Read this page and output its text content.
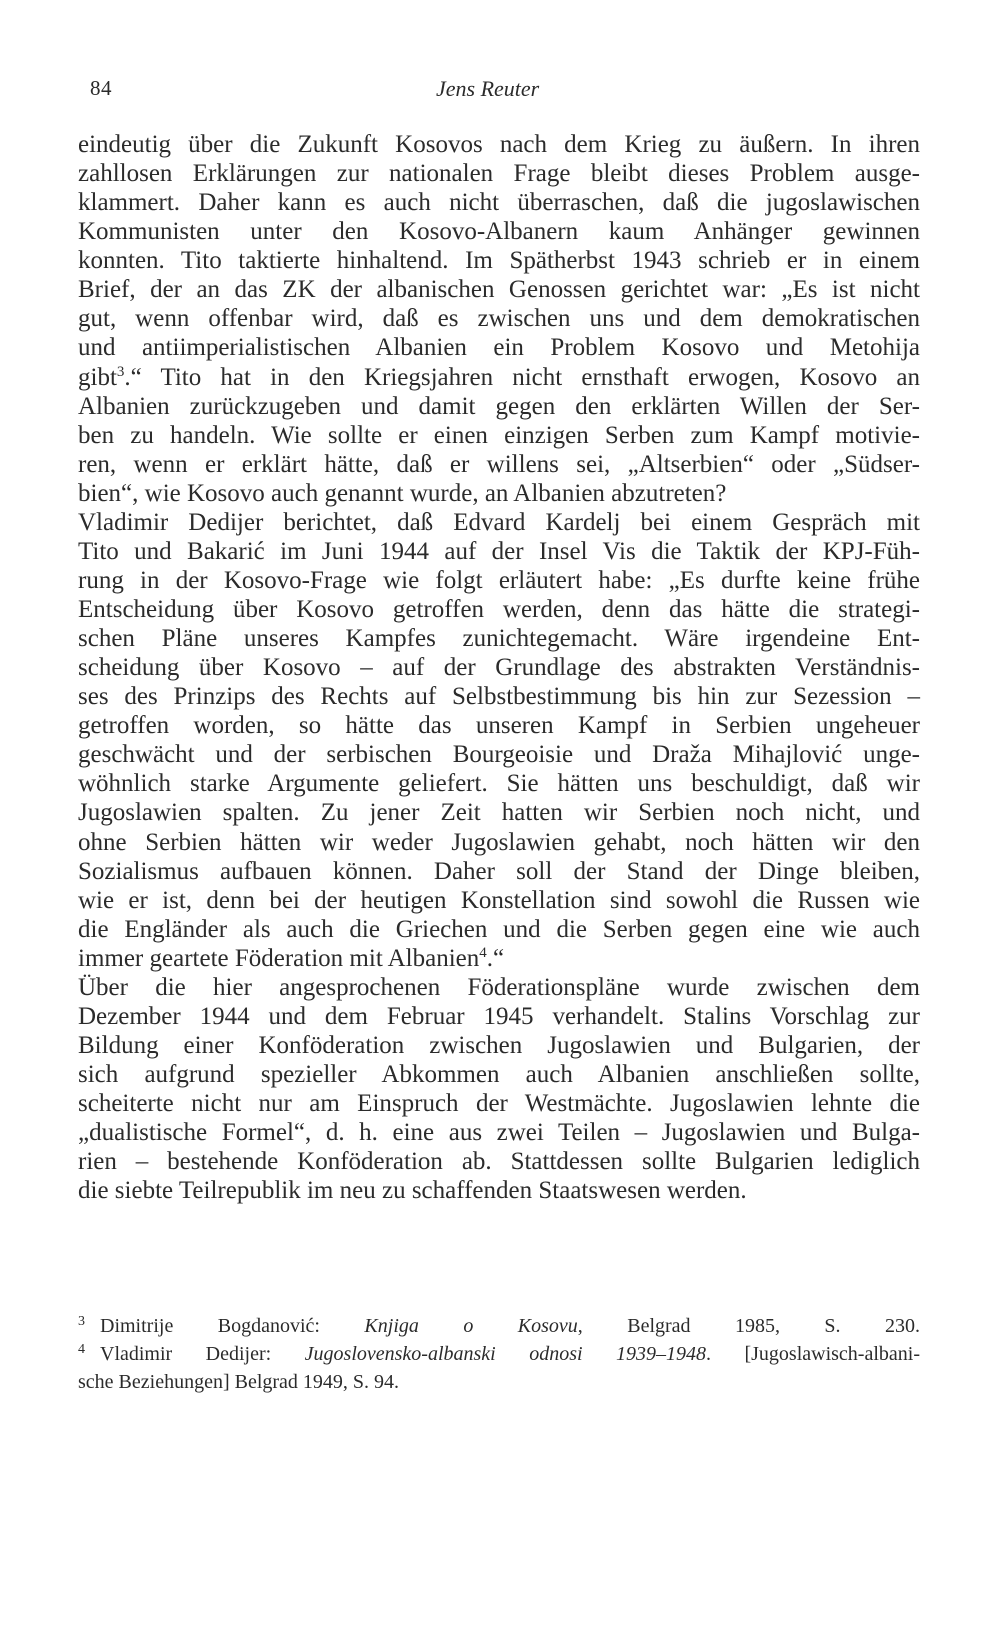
84	Jens Reuter
eindeutig über die Zukunft Kosovos nach dem Krieg zu äußern. In ihren
zahllosen Erklärungen zur nationalen Frage bleibt dieses Problem ausge-
klammert. Daher kann es auch nicht überraschen, daß die jugoslawischen
Kommunisten unter den Kosovo-Albanern kaum Anhänger gewinnen
konnten. Tito taktierte hinhaltend. Im Spätherbst 1943 schrieb er in einem
Brief, der an das ZK der albanischen Genossen gerichtet war: „Es ist nicht
gut, wenn offenbar wird, daß es zwischen uns und dem demokratischen
und antiimperialistischen Albanien ein Problem Kosovo und Metohija
gibt$^3$.“ Tito hat in den Kriegsjahren nicht ernsthaft erwogen, Kosovo an
Albanien zurückzugeben und damit gegen den erklärten Willen der Ser-
ben zu handeln. Wie sollte er einen einzigen Serben zum Kampf motivie-
ren, wenn er erklärt hätte, daß er willens sei, „Altserbien“ oder „Südser-
bien“, wie Kosovo auch genannt wurde, an Albanien abzutreten?
Vladimir Dedijer berichtet, daß Edvard Kardelj bei einem Gespräch mit
Tito und Bakarić im Juni 1944 auf der Insel Vis die Taktik der KPJ-Füh-
rung in der Kosovo-Frage wie folgt erläutert habe: „Es durfte keine frühe
Entscheidung über Kosovo getroffen werden, denn das hätte die strategi-
schen Pläne unseres Kampfes zunichtegemacht. Wäre irgendeine Ent-
scheidung über Kosovo – auf der Grundlage des abstrakten Verständnis-
ses des Prinzips des Rechts auf Selbstbestimmung bis hin zur Sezession –
getroffen worden, so hätte das unseren Kampf in Serbien ungeheuer
geschwächt und der serbischen Bourgeoisie und Draža Mihajlović unge-
wöhnlich starke Argumente geliefert. Sie hätten uns beschuldigt, daß wir
Jugoslawien spalten. Zu jener Zeit hatten wir Serbien noch nicht, und
ohne Serbien hätten wir weder Jugoslawien gehabt, noch hätten wir den
Sozialismus aufbauen können. Daher soll der Stand der Dinge bleiben,
wie er ist, denn bei der heutigen Konstellation sind sowohl die Russen wie
die Engländer als auch die Griechen und die Serben gegen eine wie auch
immer geartete Föderation mit Albanien$^4$.“
Über die hier angesprochenen Föderationspläne wurde zwischen dem
Dezember 1944 und dem Februar 1945 verhandelt. Stalins Vorschlag zur
Bildung einer Konföderation zwischen Jugoslawien und Bulgarien, der
sich aufgrund spezieller Abkommen auch Albanien anschließen sollte,
scheiterte nicht nur am Einspruch der Westmächte. Jugoslawien lehnte die
„dualistische Formel“, d. h. eine aus zwei Teilen – Jugoslawien und Bulga-
rien – bestehende Konföderation ab. Stattdessen sollte Bulgarien lediglich
die siebte Teilrepublik im neu zu schaffenden Staatswesen werden.
3 Dimitrije Bogdanović: Knjiga o Kosovu, Belgrad 1985, S. 230.
4 Vladimir Dedijer: Jugoslovensko-albanski odnosi 1939–1948. [Jugoslawisch-albani-
sche Beziehungen] Belgrad 1949, S. 94.
